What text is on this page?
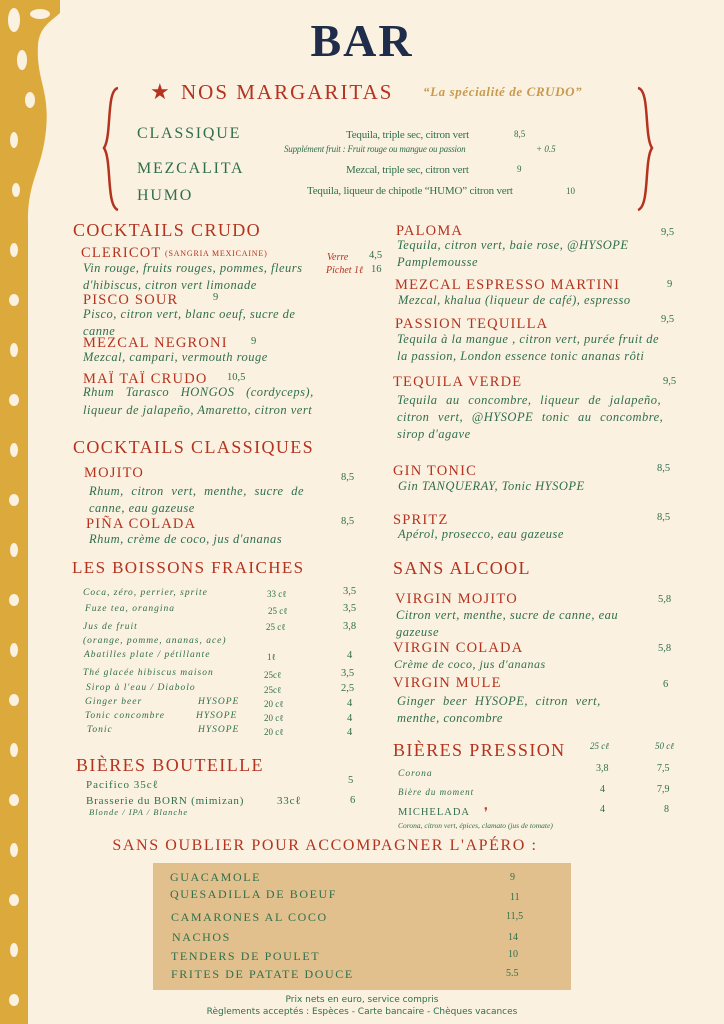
BAR
★ NOS MARGARITAS “La spécialité de CRUDO”
CLASSIQUE	Tequila, triple sec, citron vert	8,5
Supplément fruit : Fruit rouge ou mangue ou passion	+ 0.5
MEZCALITA	Mezcal, triple sec, citron vert	9
HUMO	Tequila, liqueur de chipotle “HUMO” citron vert	10
COCKTAILS CRUDO
CLERICOT (SANGRIA MEXICAINE)
Vin rouge, fruits rouges, pommes, fleurs
d'hibiscus, citron vert limonade
Verre 4,5
Pichet 1ℓ 16
PISCO SOUR	9
Pisco, citron vert, blanc oeuf, sucre de
canne
MEZCAL NEGRONI 9
Mezcal, campari, vermouth rouge
MAÏ TAÏ CRUDO 10,5
Rhum Tarasco HONGOS (cordyceps),
liqueur de jalapeño, Amaretto, citron vert
PALOMA	9,5
Tequila, citron vert, baie rose, @HYSOPE
Pamplemousse
MEZCAL ESPRESSO MARTINI	9
Mezcal, khalua (liqueur de café), espresso
PASSION TEQUILLA	9,5
Tequila à la mangue , citron vert, purée fruit de
la passion, London essence tonic ananas rôti
TEQUILA VERDE	9,5
Tequila au concombre, liqueur de jalapeño,
citron vert, @HYSOPE tonic au concombre,
sirop d'agave
COCKTAILS CLASSIQUES
MOJITO	8,5
Rhum, citron vert, menthe, sucre de
canne, eau gazeuse
PIÑA COLADA	8,5
Rhum, crème de coco, jus d'ananas
GIN TONIC	8,5
Gin TANQUERAY, Tonic HYSOPE
SPRITZ	8,5
Apérol, prosecco, eau gazeuse
LES BOISSONS FRAICHES
Coca, zéro, perrier, sprite	33 cℓ	3,5
Fuze tea, orangina	25 cℓ	3,5
Jus de fruit	25 cℓ	3,8
(orange, pomme, ananas, ace)
Abatilles plate / pétillante	1ℓ	4
Thé glacée hibiscus maison	25cℓ	3,5
Sirop à l'eau / Diabolo	25cℓ	2,5
Ginger beer	HYSOPE	20 cℓ	4
Tonic concombre	HYSOPE	20 cℓ	4
Tonic	HYSOPE	20 cℓ	4
BIÈRES BOUTEILLE
Pacifico 35cℓ	5
Brasserie du BORN (mimizan)	33cℓ	6
Blonde / IPA / Blanche
SANS ALCOOL
VIRGIN MOJITO	5,8
Citron vert, menthe, sucre de canne, eau
gazeuse
VIRGIN COLADA	5,8
Crème de coco, jus d'ananas
VIRGIN MULE	6
Ginger beer HYSOPE, citron vert,
menthe, concombre
BIÈRES PRESSION	25 cℓ	50 cℓ
Corona	3,8	7,5
Bière du moment	4	7,9
MICHELADA ❜	4	8
Corona, citron vert, épices, clamato (jus de tomate)
SANS OUBLIER POUR ACCOMPAGNER L'APÉRO :
GUACAMOLE	9
QUESADILLA DE BOEUF	11
CAMARONES AL COCO	11,5
NACHOS	14
TENDERS DE POULET	10
FRITES DE PATATE DOUCE	5.5
Prix nets en euro, service compris
Règlements acceptés : Espèces - Carte bancaire - Chèques vacances
